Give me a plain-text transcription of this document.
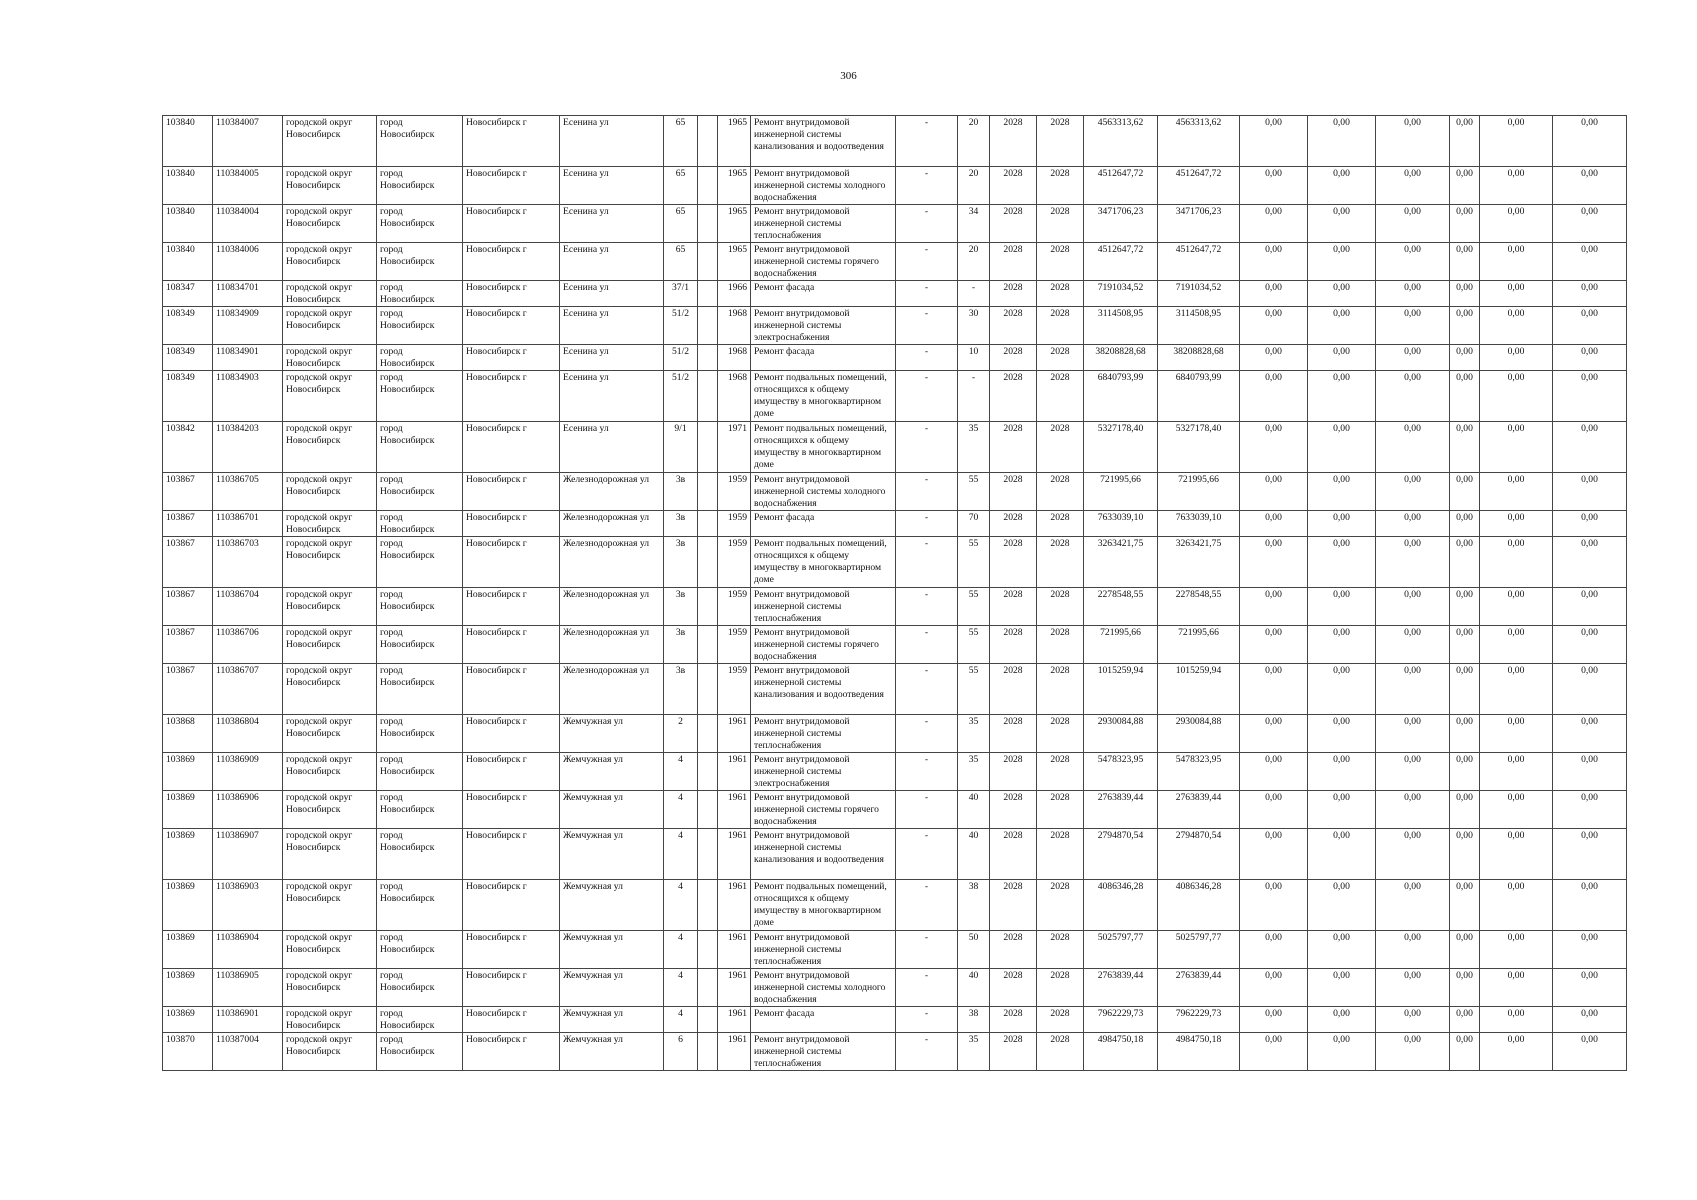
306
103840	110384007	городской округ Новосибирск	город Новосибирск	Новосибирск г	Есенина ул	65		1965	Ремонт внутридомовой инженерной системы канализования и водоотведения	-	20	2028	2028	4563313,62	4563313,62	0,00	0,00	0,00	0,00	0,00	0,00
103840	110384005	городской округ Новосибирск	город Новосибирск	Новосибирск г	Есенина ул	65		1965	Ремонт внутридомовой инженерной системы холодного водоснабжения	-	20	2028	2028	4512647,72	4512647,72	0,00	0,00	0,00	0,00	0,00	0,00
103840	110384004	городской округ Новосибирск	город Новосибирск	Новосибирск г	Есенина ул	65		1965	Ремонт внутридомовой инженерной системы теплоснабжения	-	34	2028	2028	3471706,23	3471706,23	0,00	0,00	0,00	0,00	0,00	0,00
103840	110384006	городской округ Новосибирск	город Новосибирск	Новосибирск г	Есенина ул	65		1965	Ремонт внутридомовой инженерной системы горячего водоснабжения	-	20	2028	2028	4512647,72	4512647,72	0,00	0,00	0,00	0,00	0,00	0,00
108347	110834701	городской округ Новосибирск	город Новосибирск	Новосибирск г	Есенина ул	37/1		1966	Ремонт фасада	-	-	2028	2028	7191034,52	7191034,52	0,00	0,00	0,00	0,00	0,00	0,00
108349	110834909	городской округ Новосибирск	город Новосибирск	Новосибирск г	Есенина ул	51/2		1968	Ремонт внутридомовой инженерной системы электроснабжения	-	30	2028	2028	3114508,95	3114508,95	0,00	0,00	0,00	0,00	0,00	0,00
108349	110834901	городской округ Новосибирск	город Новосибирск	Новосибирск г	Есенина ул	51/2		1968	Ремонт фасада	-	10	2028	2028	38208828,68	38208828,68	0,00	0,00	0,00	0,00	0,00	0,00
108349	110834903	городской округ Новосибирск	город Новосибирск	Новосибирск г	Есенина ул	51/2		1968	Ремонт подвальных помещений, относящихся к общему имуществу в многоквартирном доме	-	-	2028	2028	6840793,99	6840793,99	0,00	0,00	0,00	0,00	0,00	0,00
103842	110384203	городской округ Новосибирск	город Новосибирск	Новосибирск г	Есенина ул	9/1		1971	Ремонт подвальных помещений, относящихся к общему имуществу в многоквартирном доме	-	35	2028	2028	5327178,40	5327178,40	0,00	0,00	0,00	0,00	0,00	0,00
103867	110386705	городской округ Новосибирск	город Новосибирск	Новосибирск г	Железнодорожная ул	3в		1959	Ремонт внутридомовой инженерной системы холодного водоснабжения	-	55	2028	2028	721995,66	721995,66	0,00	0,00	0,00	0,00	0,00	0,00
103867	110386701	городской округ Новосибирск	город Новосибирск	Новосибирск г	Железнодорожная ул	3в		1959	Ремонт фасада	-	70	2028	2028	7633039,10	7633039,10	0,00	0,00	0,00	0,00	0,00	0,00
103867	110386703	городской округ Новосибирск	город Новосибирск	Новосибирск г	Железнодорожная ул	3в		1959	Ремонт подвальных помещений, относящихся к общему имуществу в многоквартирном доме	-	55	2028	2028	3263421,75	3263421,75	0,00	0,00	0,00	0,00	0,00	0,00
103867	110386704	городской округ Новосибирск	город Новосибирск	Новосибирск г	Железнодорожная ул	3в		1959	Ремонт внутридомовой инженерной системы теплоснабжения	-	55	2028	2028	2278548,55	2278548,55	0,00	0,00	0,00	0,00	0,00	0,00
103867	110386706	городской округ Новосибирск	город Новосибирск	Новосибирск г	Железнодорожная ул	3в		1959	Ремонт внутридомовой инженерной системы горячего водоснабжения	-	55	2028	2028	721995,66	721995,66	0,00	0,00	0,00	0,00	0,00	0,00
103867	110386707	городской округ Новосибирск	город Новосибирск	Новосибирск г	Железнодорожная ул	3в		1959	Ремонт внутридомовой инженерной системы канализования и водоотведения	-	55	2028	2028	1015259,94	1015259,94	0,00	0,00	0,00	0,00	0,00	0,00
103868	110386804	городской округ Новосибирск	город Новосибирск	Новосибирск г	Жемчужная ул	2		1961	Ремонт внутридомовой инженерной системы теплоснабжения	-	35	2028	2028	2930084,88	2930084,88	0,00	0,00	0,00	0,00	0,00	0,00
103869	110386909	городской округ Новосибирск	город Новосибирск	Новосибирск г	Жемчужная ул	4		1961	Ремонт внутридомовой инженерной системы электроснабжения	-	35	2028	2028	5478323,95	5478323,95	0,00	0,00	0,00	0,00	0,00	0,00
103869	110386906	городской округ Новосибирск	город Новосибирск	Новосибирск г	Жемчужная ул	4		1961	Ремонт внутридомовой инженерной системы горячего водоснабжения	-	40	2028	2028	2763839,44	2763839,44	0,00	0,00	0,00	0,00	0,00	0,00
103869	110386907	городской округ Новосибирск	город Новосибирск	Новосибирск г	Жемчужная ул	4		1961	Ремонт внутридомовой инженерной системы канализования и водоотведения	-	40	2028	2028	2794870,54	2794870,54	0,00	0,00	0,00	0,00	0,00	0,00
103869	110386903	городской округ Новосибирск	город Новосибирск	Новосибирск г	Жемчужная ул	4		1961	Ремонт подвальных помещений, относящихся к общему имуществу в многоквартирном доме	-	38	2028	2028	4086346,28	4086346,28	0,00	0,00	0,00	0,00	0,00	0,00
103869	110386904	городской округ Новосибирск	город Новосибирск	Новосибирск г	Жемчужная ул	4		1961	Ремонт внутридомовой инженерной системы теплоснабжения	-	50	2028	2028	5025797,77	5025797,77	0,00	0,00	0,00	0,00	0,00	0,00
103869	110386905	городской округ Новосибирск	город Новосибирск	Новосибирск г	Жемчужная ул	4		1961	Ремонт внутридомовой инженерной системы холодного водоснабжения	-	40	2028	2028	2763839,44	2763839,44	0,00	0,00	0,00	0,00	0,00	0,00
103869	110386901	городской округ Новосибирск	город Новосибирск	Новосибирск г	Жемчужная ул	4		1961	Ремонт фасада	-	38	2028	2028	7962229,73	7962229,73	0,00	0,00	0,00	0,00	0,00	0,00
103870	110387004	городской округ Новосибирск	город Новосибирск	Новосибирск г	Жемчужная ул	6		1961	Ремонт внутридомовой инженерной системы теплоснабжения	-	35	2028	2028	4984750,18	4984750,18	0,00	0,00	0,00	0,00	0,00	0,00
